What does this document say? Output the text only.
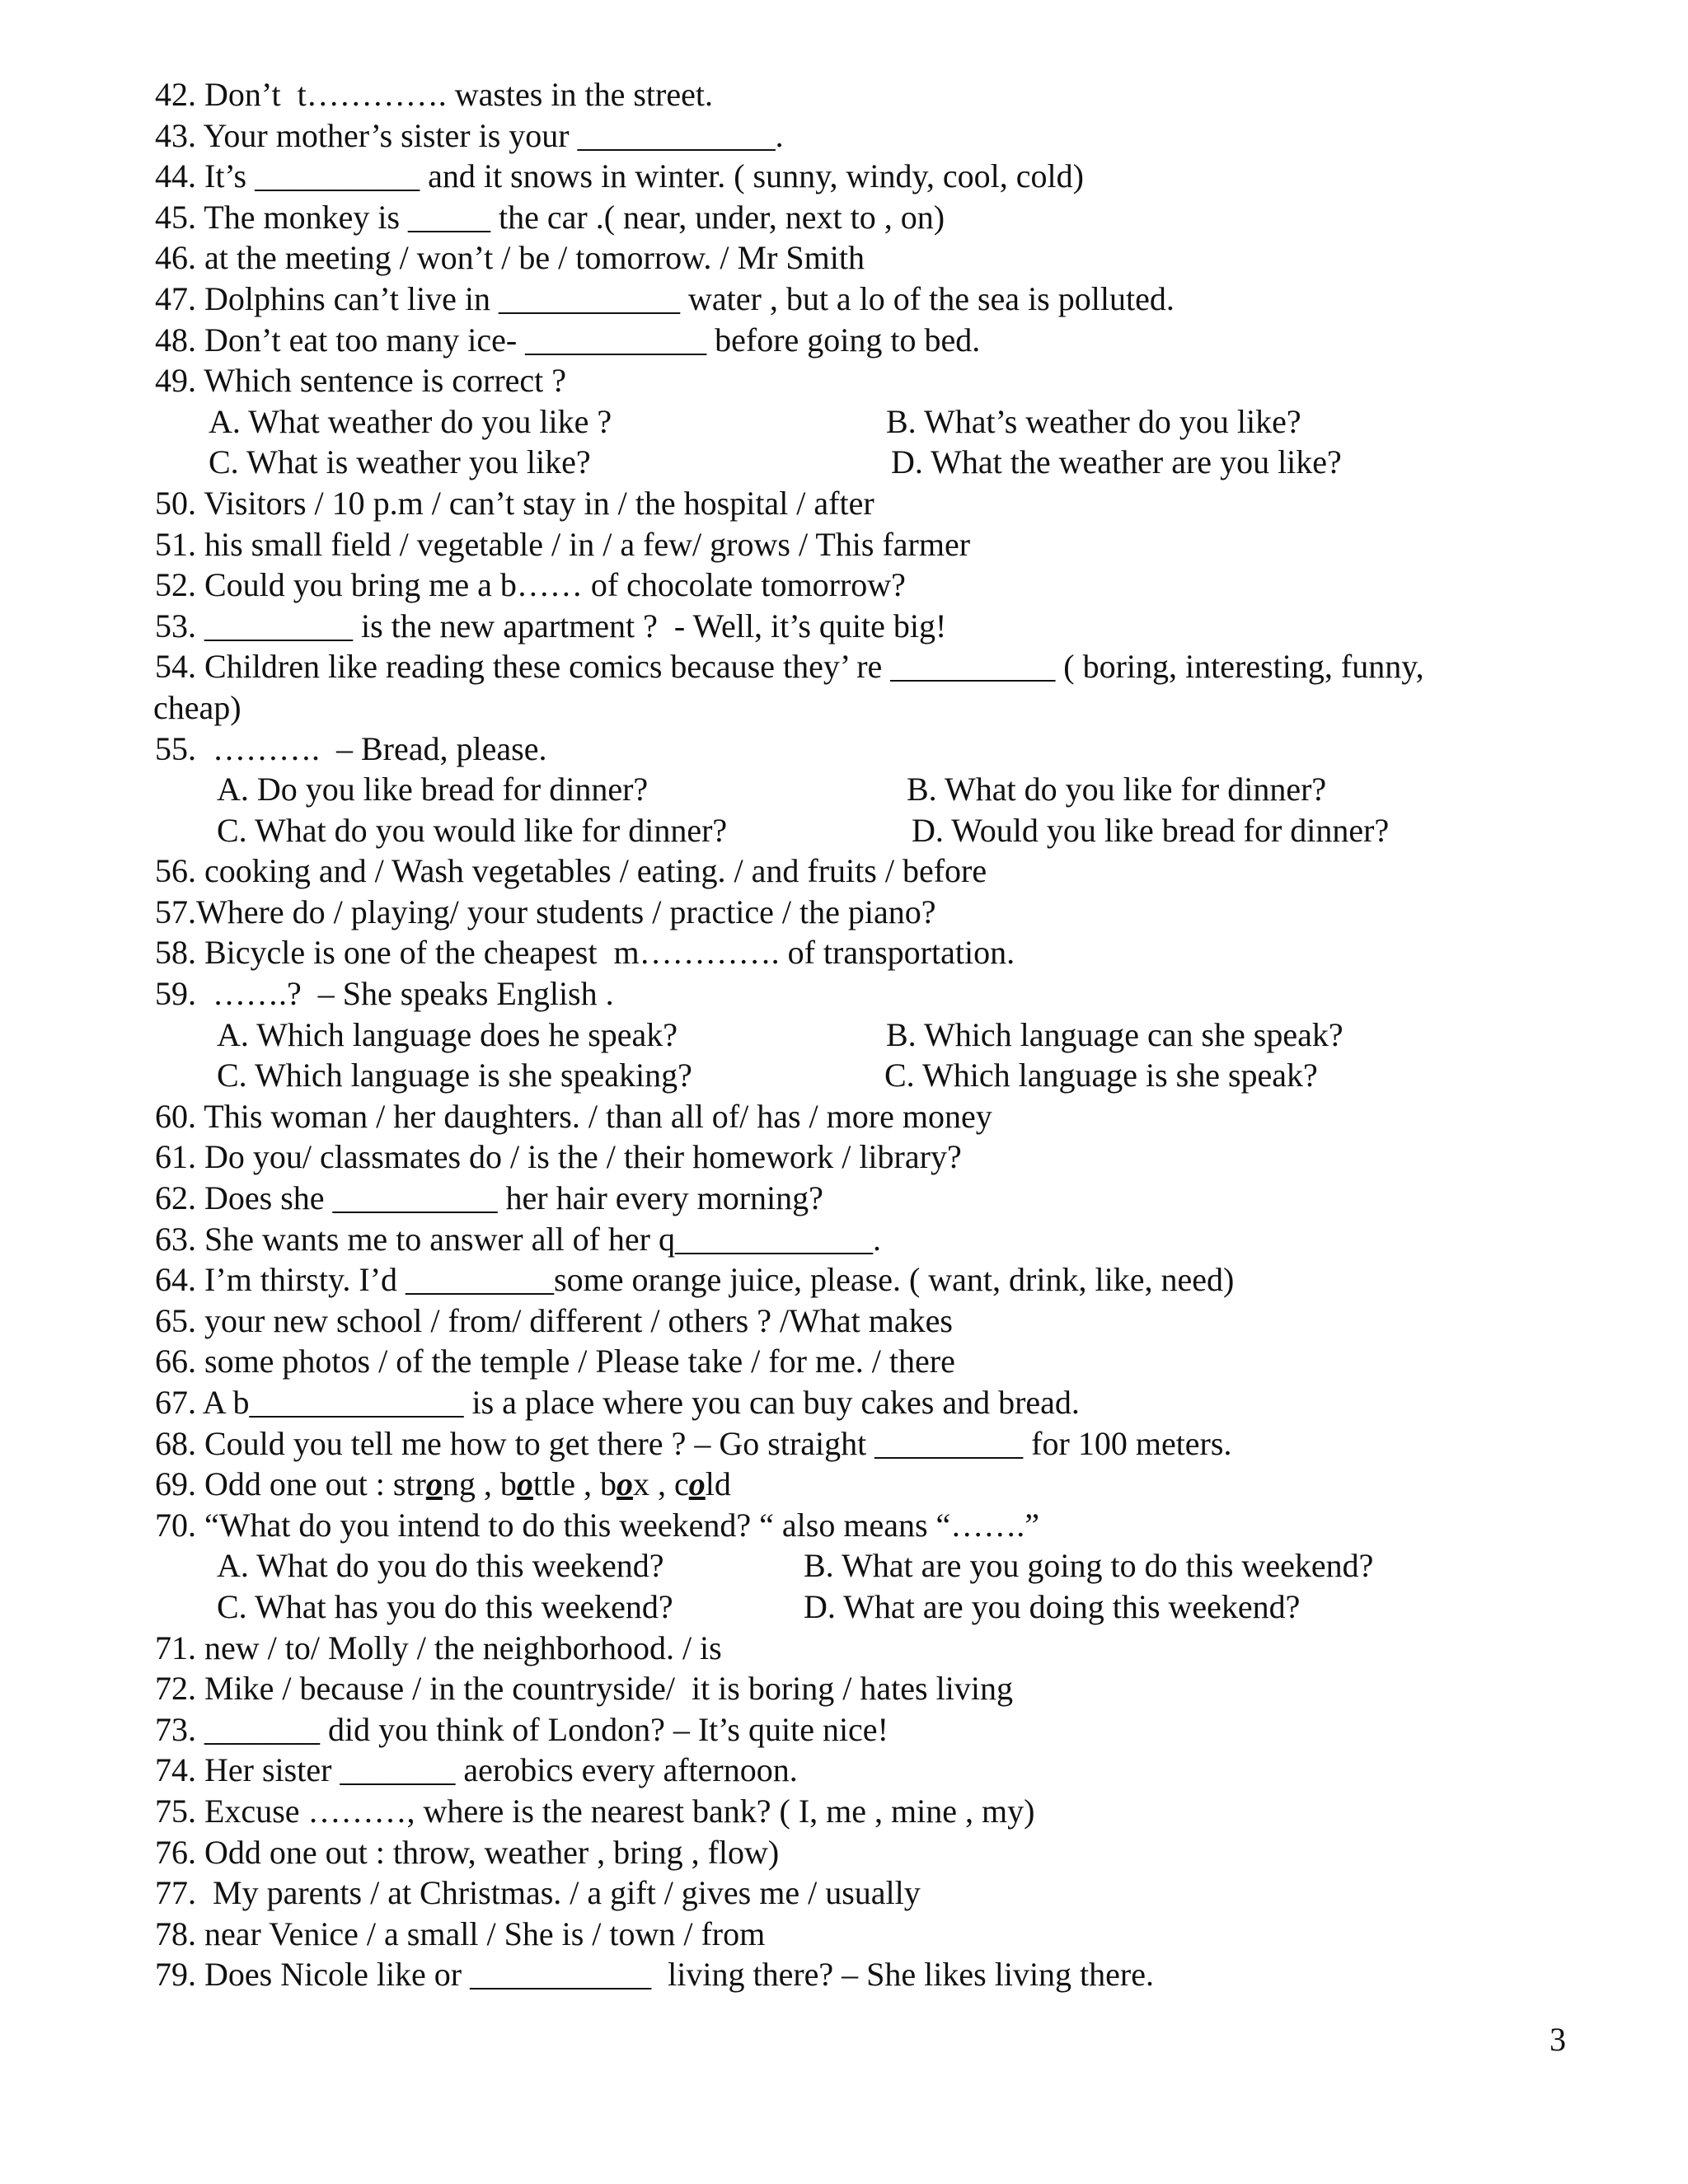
42. Don’t  t…………. wastes in the street.
43. Your mother’s sister is your ____________.
44. It’s __________ and it snows in winter. ( sunny, windy, cool, cold)
45. The monkey is _____ the car .( near, under, next to , on)
46. at the meeting / won’t / be / tomorrow. / Mr Smith
47. Dolphins can’t live in ___________ water , but a lo of the sea is polluted.
48. Don’t eat too many ice- ___________ before going to bed.
49. Which sentence is correct ?
A. What weather do you like ?	B. What’s weather do you like?
C. What is weather you like?	D. What the weather are you like?
50. Visitors / 10 p.m / can’t stay in / the hospital / after
51. his small field / vegetable / in / a few/ grows / This farmer
52. Could you bring me a b…… of chocolate tomorrow?
53. _________ is the new apartment ?  - Well, it’s quite big!
54. Children like reading these comics because they’ re __________ ( boring, interesting, funny,
cheap)
55.  ……….  – Bread, please.
A. Do you like bread for dinner?	B. What do you like for dinner?
C. What do you would like for dinner?	D. Would you like bread for dinner?
56. cooking and / Wash vegetables / eating. / and fruits / before
57.Where do / playing/ your students / practice / the piano?
58. Bicycle is one of the cheapest  m…………. of transportation.
59.  …….?  – She speaks English .
A. Which language does he speak?	B. Which language can she speak?
C. Which language is she speaking?	C. Which language is she speak?
60. This woman / her daughters. / than all of/ has / more money
61. Do you/ classmates do / is the / their homework / library?
62. Does she __________ her hair every morning?
63. She wants me to answer all of her q____________.
64. I’m thirsty. I’d _________some orange juice, please. ( want, drink, like, need)
65. your new school / from/ different / others ? /What makes
66. some photos / of the temple / Please take / for me. / there
67. A b_____________ is a place where you can buy cakes and bread.
68. Could you tell me how to get there ? – Go straight _________ for 100 meters.
69. Odd one out : strong , bottle , box , cold
70. “What do you intend to do this weekend? “ also means “…….”
A. What do you do this weekend?	B. What are you going to do this weekend?
C. What has you do this weekend?	D. What are you doing this weekend?
71. new / to/ Molly / the neighborhood. / is
72. Mike / because / in the countryside/  it is boring / hates living
73. _______ did you think of London? – It’s quite nice!
74. Her sister _______ aerobics every afternoon.
75. Excuse ………, where is the nearest bank? ( I, me , mine , my)
76. Odd one out : throw, weather , bring , flow)
77.  My parents / at Christmas. / a gift / gives me / usually
78. near Venice / a small / She is / town / from
79. Does Nicole like or ___________  living there? – She likes living there.
3
